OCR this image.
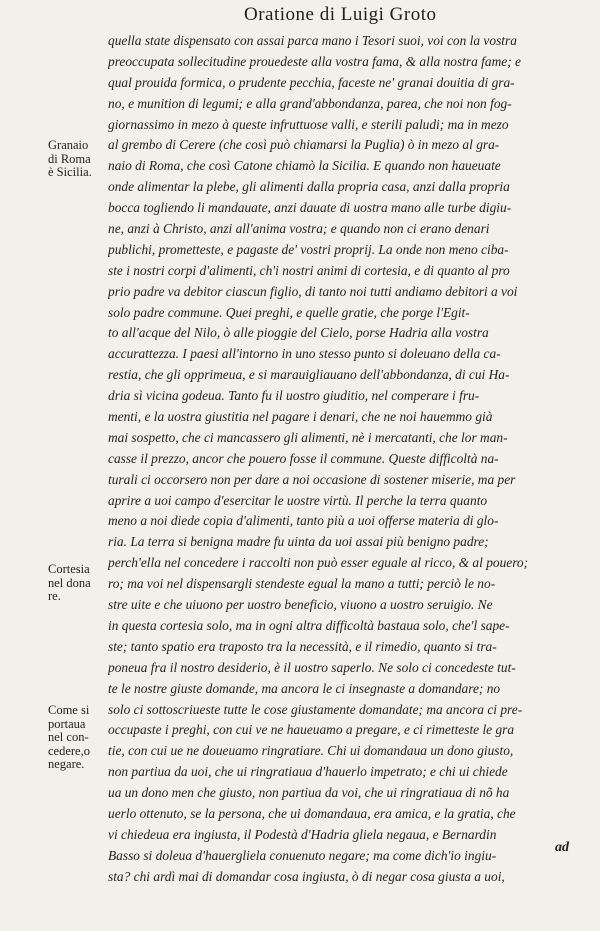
Oratione di Luigi Groto
Granaio
di Roma
è Sicilia.
Cortesia
nel dona
re.
Come si
portaua
nel con-
cedere,o
negare.
quella state dispensato con assai parca mano i Tesori suoi, voi con la vostra
preoccupata sollecitudine prouedeste alla vostra fama, & alla nostra fame; e
qual prouida formica, o prudente pecchia, faceste ne' granai douitia di gra-
no, e munition di legumi; e alla grand'abbondanza, parea, che noi non fog-
giornassimo in mezo à queste infruttuose valli, e sterili paludi; ma in mezo
al grembo di Cerere (che così può chiamarsi la Puglia) ò in mezo al gra-
naio di Roma, che così Catone chiamò la Sicilia. E quando non haueuate
onde alimentar la plebe, gli alimenti dalla propria casa, anzi dalla propria
bocca togliendo li mandauate, anzi dauate di uostra mano alle turbe digiu-
ne, anzi à Christo, anzi all'anima vostra; e quando non ci erano denari
publichi, promettestе, e pagaste de' vostri proprij. La onde non meno ciba-
ste i nostri corpi d'alimenti, ch'i nostri animi di cortesia, e di quanto al pro
prio padre va debitor ciascun figlio, di tanto noi tutti andiamo debitori a voi
solo padre commune. Quei preghi, e quelle gratie, che porge l'Egit-
to all'acque del Nilo, ò alle pioggie del Cielo, porse Hadria alla vostra
accurattezza. I paesi all'intorno in uno stesso punto si doleuano della ca-
restia, che gli opprimeua, e si marauigliauano dell'abbondanza, di cui Ha-
dria sì vicina godeua. Tanto fu il uostro giuditio, nel comperare i fru-
menti, e la uostra giustitia nel pagare i denari, che ne noi hauemmo già
mai sospetto, che ci mancassero gli alimenti, nè i mercatanti, che lor man-
casse il prezzo, ancor che pouero fosse il commune. Queste difficoltà na-
turali ci occorsero non per dare a noi occasione di sostener miserie, ma per
aprire a uoi campo d'esercitar le uostre virtù. Il perche la terra quanto
meno a noi diede copia d'alimenti, tanto più a uoi offerse materia di glo-
ria. La terra si benigna madre fu uinta da uoi assai più benigno padre;
perch'ella nel concedere i raccolti non può esser eguale al ricco, & al pouero;
ro; ma voi nel dispensargli stendeste egual la mano a tutti; perciò le no-
stre uite e che uiuono per uostro beneficio, viuono a uostro seruigio. Ne
in questa cortesia solo, ma in ogni altra difficoltà bastaua solo, che'l sape-
ste; tanto spatio era trapostо tra la necessità, e il rimedio, quanto si tra-
poneua fra il nostro desiderio, è il uostro saperlo. Ne solo ci concedeste tut-
te le nostre giuste domande, ma ancora le ci insegnaste a domandare; no
solo ci sottoscriueste tutte le cose giustamente domandate; ma ancora ci pre-
occupaste i preghi, con cui ve ne haueuamo a pregare, e ci rimetteste le gra
tie, con cui ue ne doueuamo ringratiare. Chi ui domandaua un dono giusto,
non partiua da uoi, che ui ringratiaua d'hauerlo impetrato; e chi ui chiede
ua un dono men che giusto, non partiua da voi, che ui ringratiaua di nõ ha
uerlo ottenuto, se la persona, che ui domandaua, era amica, e la gratia, che
vi chiedeua era ingiusta, il Podestà d'Hadria gliela negaua, e Bernardin
Basso si doleua d'hauergliela conuenuto negare; ma come dich'io ingiu-
sta? chi ardì mai di domandar cosa ingiusta, ò di negar cosa giusta a uoi,
ad
